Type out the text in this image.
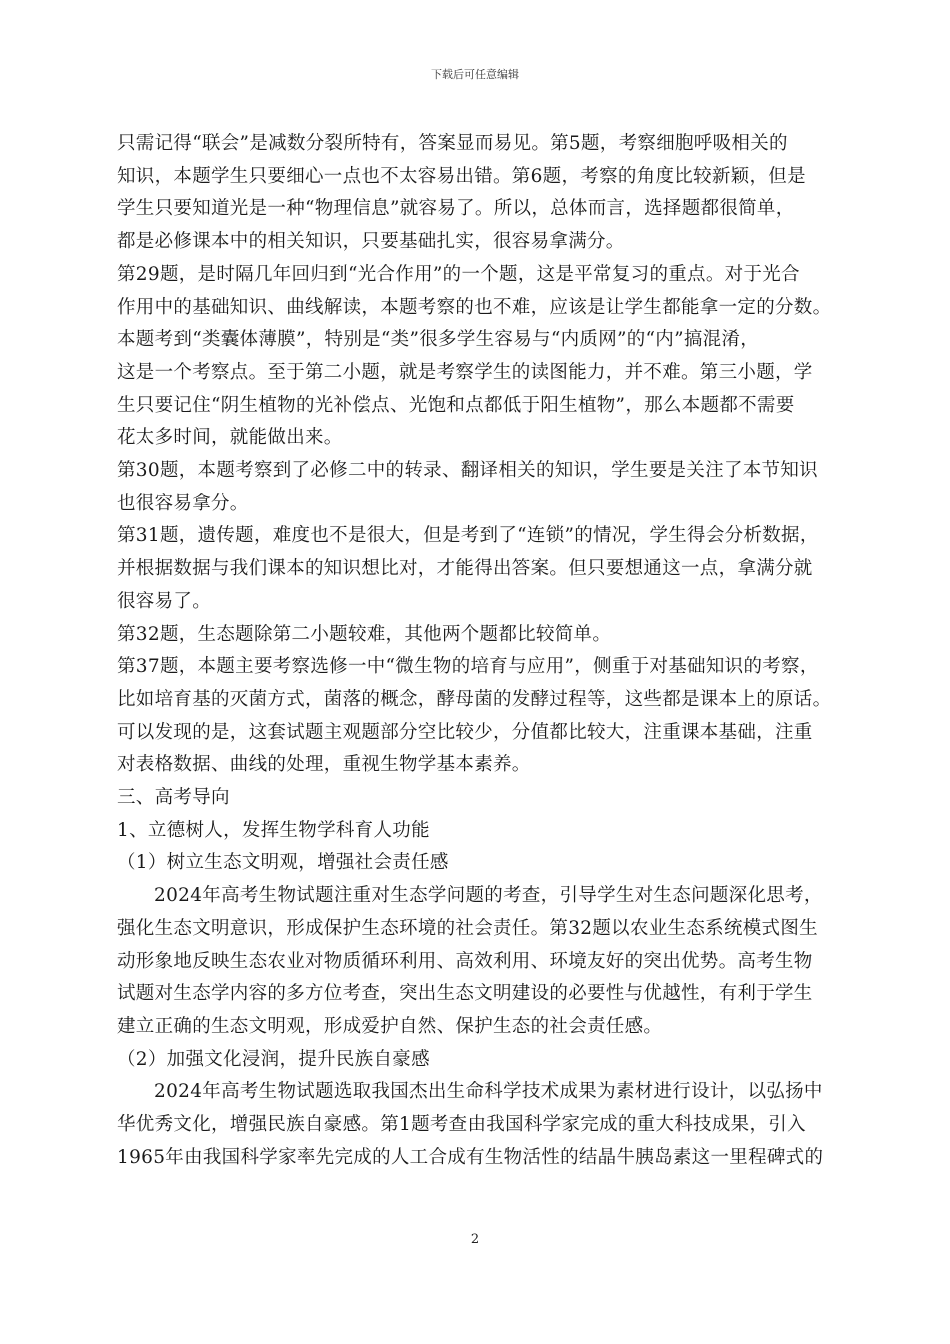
下载后可任意编辑
只需记得“联会”是减数分裂所特有，答案显而易见。第5题，考察细胞呼吸相关的
知识，本题学生只要细心一点也不太容易出错。第6题，考察的角度比较新颖，但是
学生只要知道光是一种“物理信息”就容易了。所以，总体而言，选择题都很简单，
都是必修课本中的相关知识，只要基础扎实，很容易拿满分。
第29题，是时隔几年回归到“光合作用”的一个题，这是平常复习的重点。对于光合
作用中的基础知识、曲线解读，本题考察的也不难，应该是让学生都能拿一定的分数。
本题考到“类囊体薄膜”，特别是“类”很多学生容易与“内质网”的“内”搞混淆，
这是一个考察点。至于第二小题，就是考察学生的读图能力，并不难。第三小题，学
生只要记住“阴生植物的光补偿点、光饱和点都低于阳生植物”，那么本题都不需要
花太多时间，就能做出来。
第30题，本题考察到了必修二中的转录、翻译相关的知识，学生要是关注了本节知识
也很容易拿分。
第31题，遗传题，难度也不是很大，但是考到了“连锁”的情况，学生得会分析数据，
并根据数据与我们课本的知识想比对，才能得出答案。但只要想通这一点，拿满分就
很容易了。
第32题，生态题除第二小题较难，其他两个题都比较简单。
第37题，本题主要考察选修一中“微生物的培育与应用”，侧重于对基础知识的考察，
比如培育基的灭菌方式，菌落的概念，酵母菌的发酵过程等，这些都是课本上的原话。
可以发现的是，这套试题主观题部分空比较少，分值都比较大，注重课本基础，注重
对表格数据、曲线的处理，重视生物学基本素养。
三、高考导向
1、立德树人，发挥生物学科育人功能
（1）树立生态文明观，增强社会责任感
2024年高考生物试题注重对生态学问题的考查，引导学生对生态问题深化思考，
强化生态文明意识，形成保护生态环境的社会责任。第32题以农业生态系统模式图生
动形象地反映生态农业对物质循环利用、高效利用、环境友好的突出优势。高考生物
试题对生态学内容的多方位考查，突出生态文明建设的必要性与优越性，有利于学生
建立正确的生态文明观，形成爱护自然、保护生态的社会责任感。
（2）加强文化浸润，提升民族自豪感
2024年高考生物试题选取我国杰出生命科学技术成果为素材进行设计，以弘扬中
华优秀文化，增强民族自豪感。第1题考查由我国科学家完成的重大科技成果，引入
1965年由我国科学家率先完成的人工合成有生物活性的结晶牛胰岛素这一里程碑式的
2
